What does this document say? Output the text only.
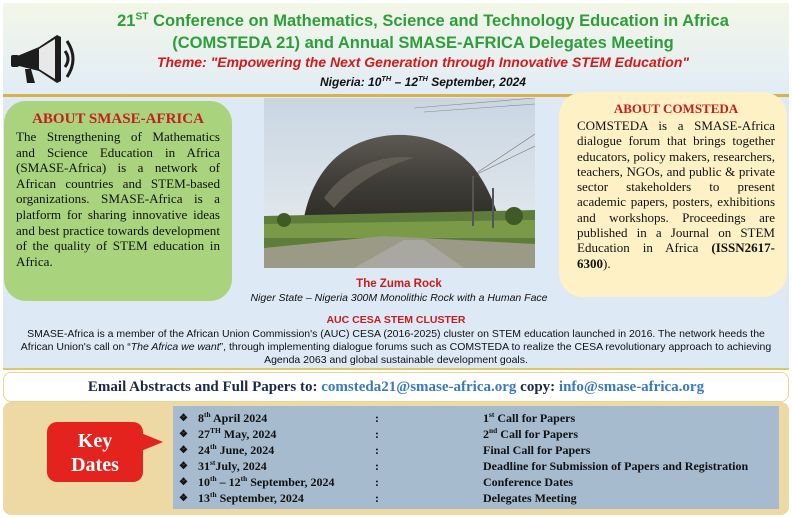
21ST Conference on Mathematics, Science and Technology Education in Africa
(COMSTEDA 21) and Annual SMASE-AFRICA Delegates Meeting
Theme: "Empowering the Next Generation through Innovative STEM Education"
Nigeria: 10TH – 12TH September, 2024
ABOUT SMASE-AFRICA

The Strengthening of Mathematics and Science Education in Africa (SMASE-Africa) is a network of African countries and STEM-based organizations. SMASE-Africa is a platform for sharing innovative ideas and best practice towards development of the quality of STEM education in Africa.

The Zuma Rock
Niger State – Nigeria 300M Monolithic Rock with a Human Face
ABOUT COMSTEDA

COMSTEDA is a SMASE-Africa dialogue forum that brings together educators, policy makers, researchers, teachers, NGOs, and public & private sector stakeholders to present academic papers, posters, exhibitions and workshops. Proceedings are published in a Journal on STEM Education in Africa (ISSN2617-6300).

AUC CESA STEM CLUSTER

SMASE-Africa is a member of the African Union Commission's (AUC) CESA (2016-2025) cluster on STEM education launched in 2016. The network heeds the African Union's call on “The Africa we want”, through implementing dialogue forums such as COMSTEDA to realize the CESA revolutionary approach to achieving Agenda 2063 and global sustainable development goals.

Email Abstracts and Full Papers to: comsteda21@smase-africa.org copy: info@smase-africa.org
Key
Dates
❖ 8th April 2024	:	1st Call for Papers
❖ 27TH May, 2024	:	2nd Call for Papers
❖ 24th June, 2024	:	Final Call for Papers
❖ 31stJuly, 2024	:	Deadline for Submission of Papers and Registration
❖ 10th – 12th September, 2024	:	Conference Dates
❖ 13th September, 2024	:	Delegates Meeting
